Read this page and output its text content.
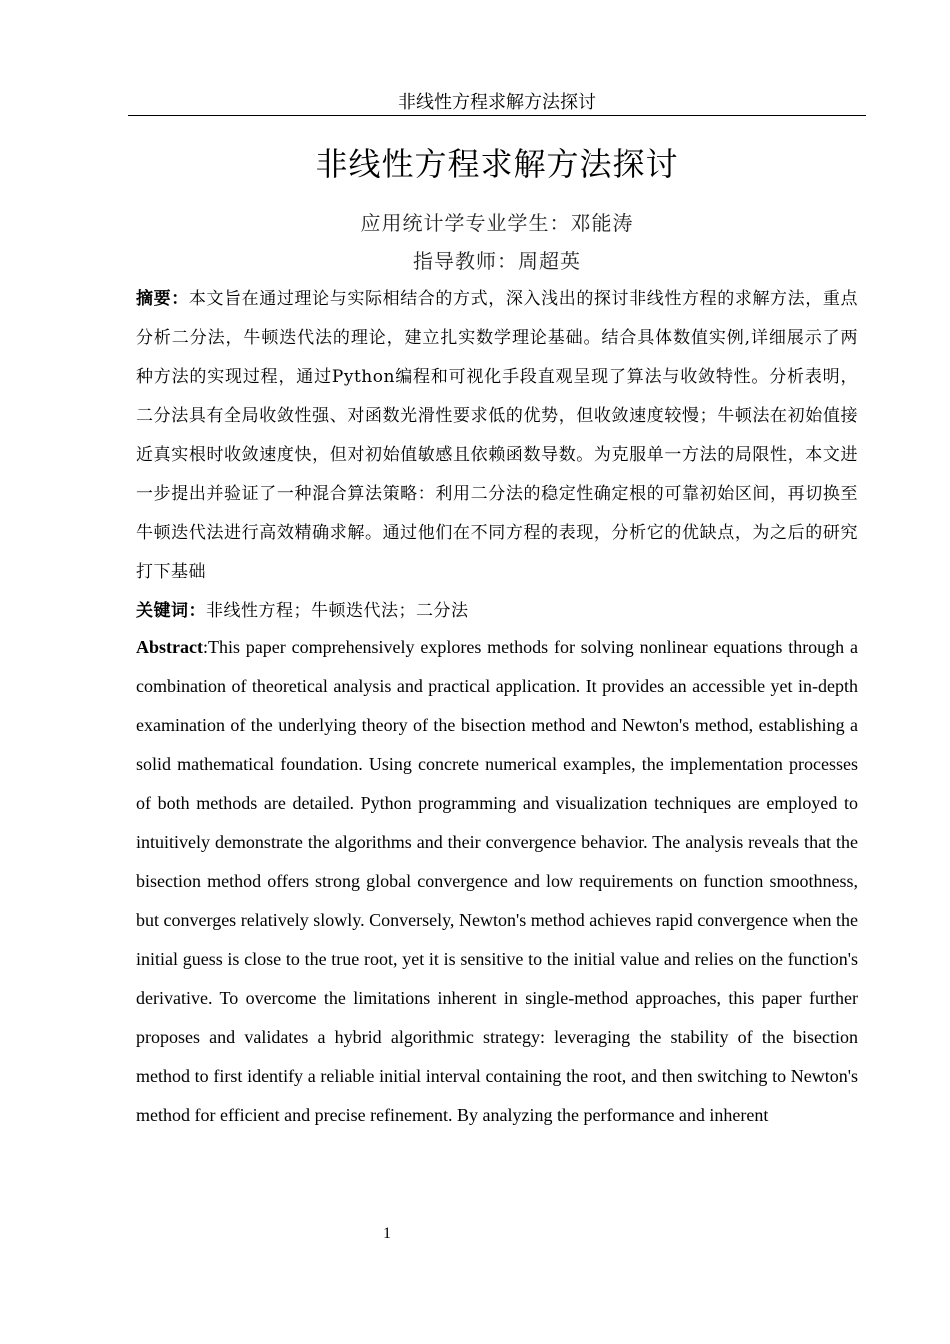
非线性方程求解方法探讨
非线性方程求解方法探讨
应用统计学专业学生：邓能涛
指导教师：周超英

摘要：本文旨在通过理论与实际相结合的方式，深入浅出的探讨非线性方程的求解方法，重点分析二分法，牛顿迭代法的理论，建立扎实数学理论基础。结合具体数值实例,详细展示了两种方法的实现过程，通过Python编程和可视化手段直观呈现了算法与收敛特性。分析表明，二分法具有全局收敛性强、对函数光滑性要求低的优势，但收敛速度较慢；牛顿法在初始值接近真实根时收敛速度快，但对初始值敏感且依赖函数导数。为克服单一方法的局限性，本文进一步提出并验证了一种混合算法策略：利用二分法的稳定性确定根的可靠初始区间，再切换至牛顿迭代法进行高效精确求解。通过他们在不同方程的表现，分析它的优缺点，为之后的研究打下基础

关键词：非线性方程；牛顿迭代法；二分法

Abstract:This paper comprehensively explores methods for solving nonlinear equations through a combination of theoretical analysis and practical application. It provides an accessible yet in-depth examination of the underlying theory of the bisection method and Newton's method, establishing a solid mathematical foundation. Using concrete numerical examples, the implementation processes of both methods are detailed. Python programming and visualization techniques are employed to intuitively demonstrate the algorithms and their convergence behavior. The analysis reveals that the bisection method offers strong global convergence and low requirements on function smoothness, but converges relatively slowly. Conversely, Newton's method achieves rapid convergence when the initial guess is close to the true root, yet it is sensitive to the initial value and relies on the function's derivative. To overcome the limitations inherent in single-method approaches, this paper further proposes and validates a hybrid algorithmic strategy: leveraging the stability of the bisection method to first identify a reliable initial interval containing the root, and then switching to Newton's method for efficient and precise refinement. By analyzing the performance and inherent

1
